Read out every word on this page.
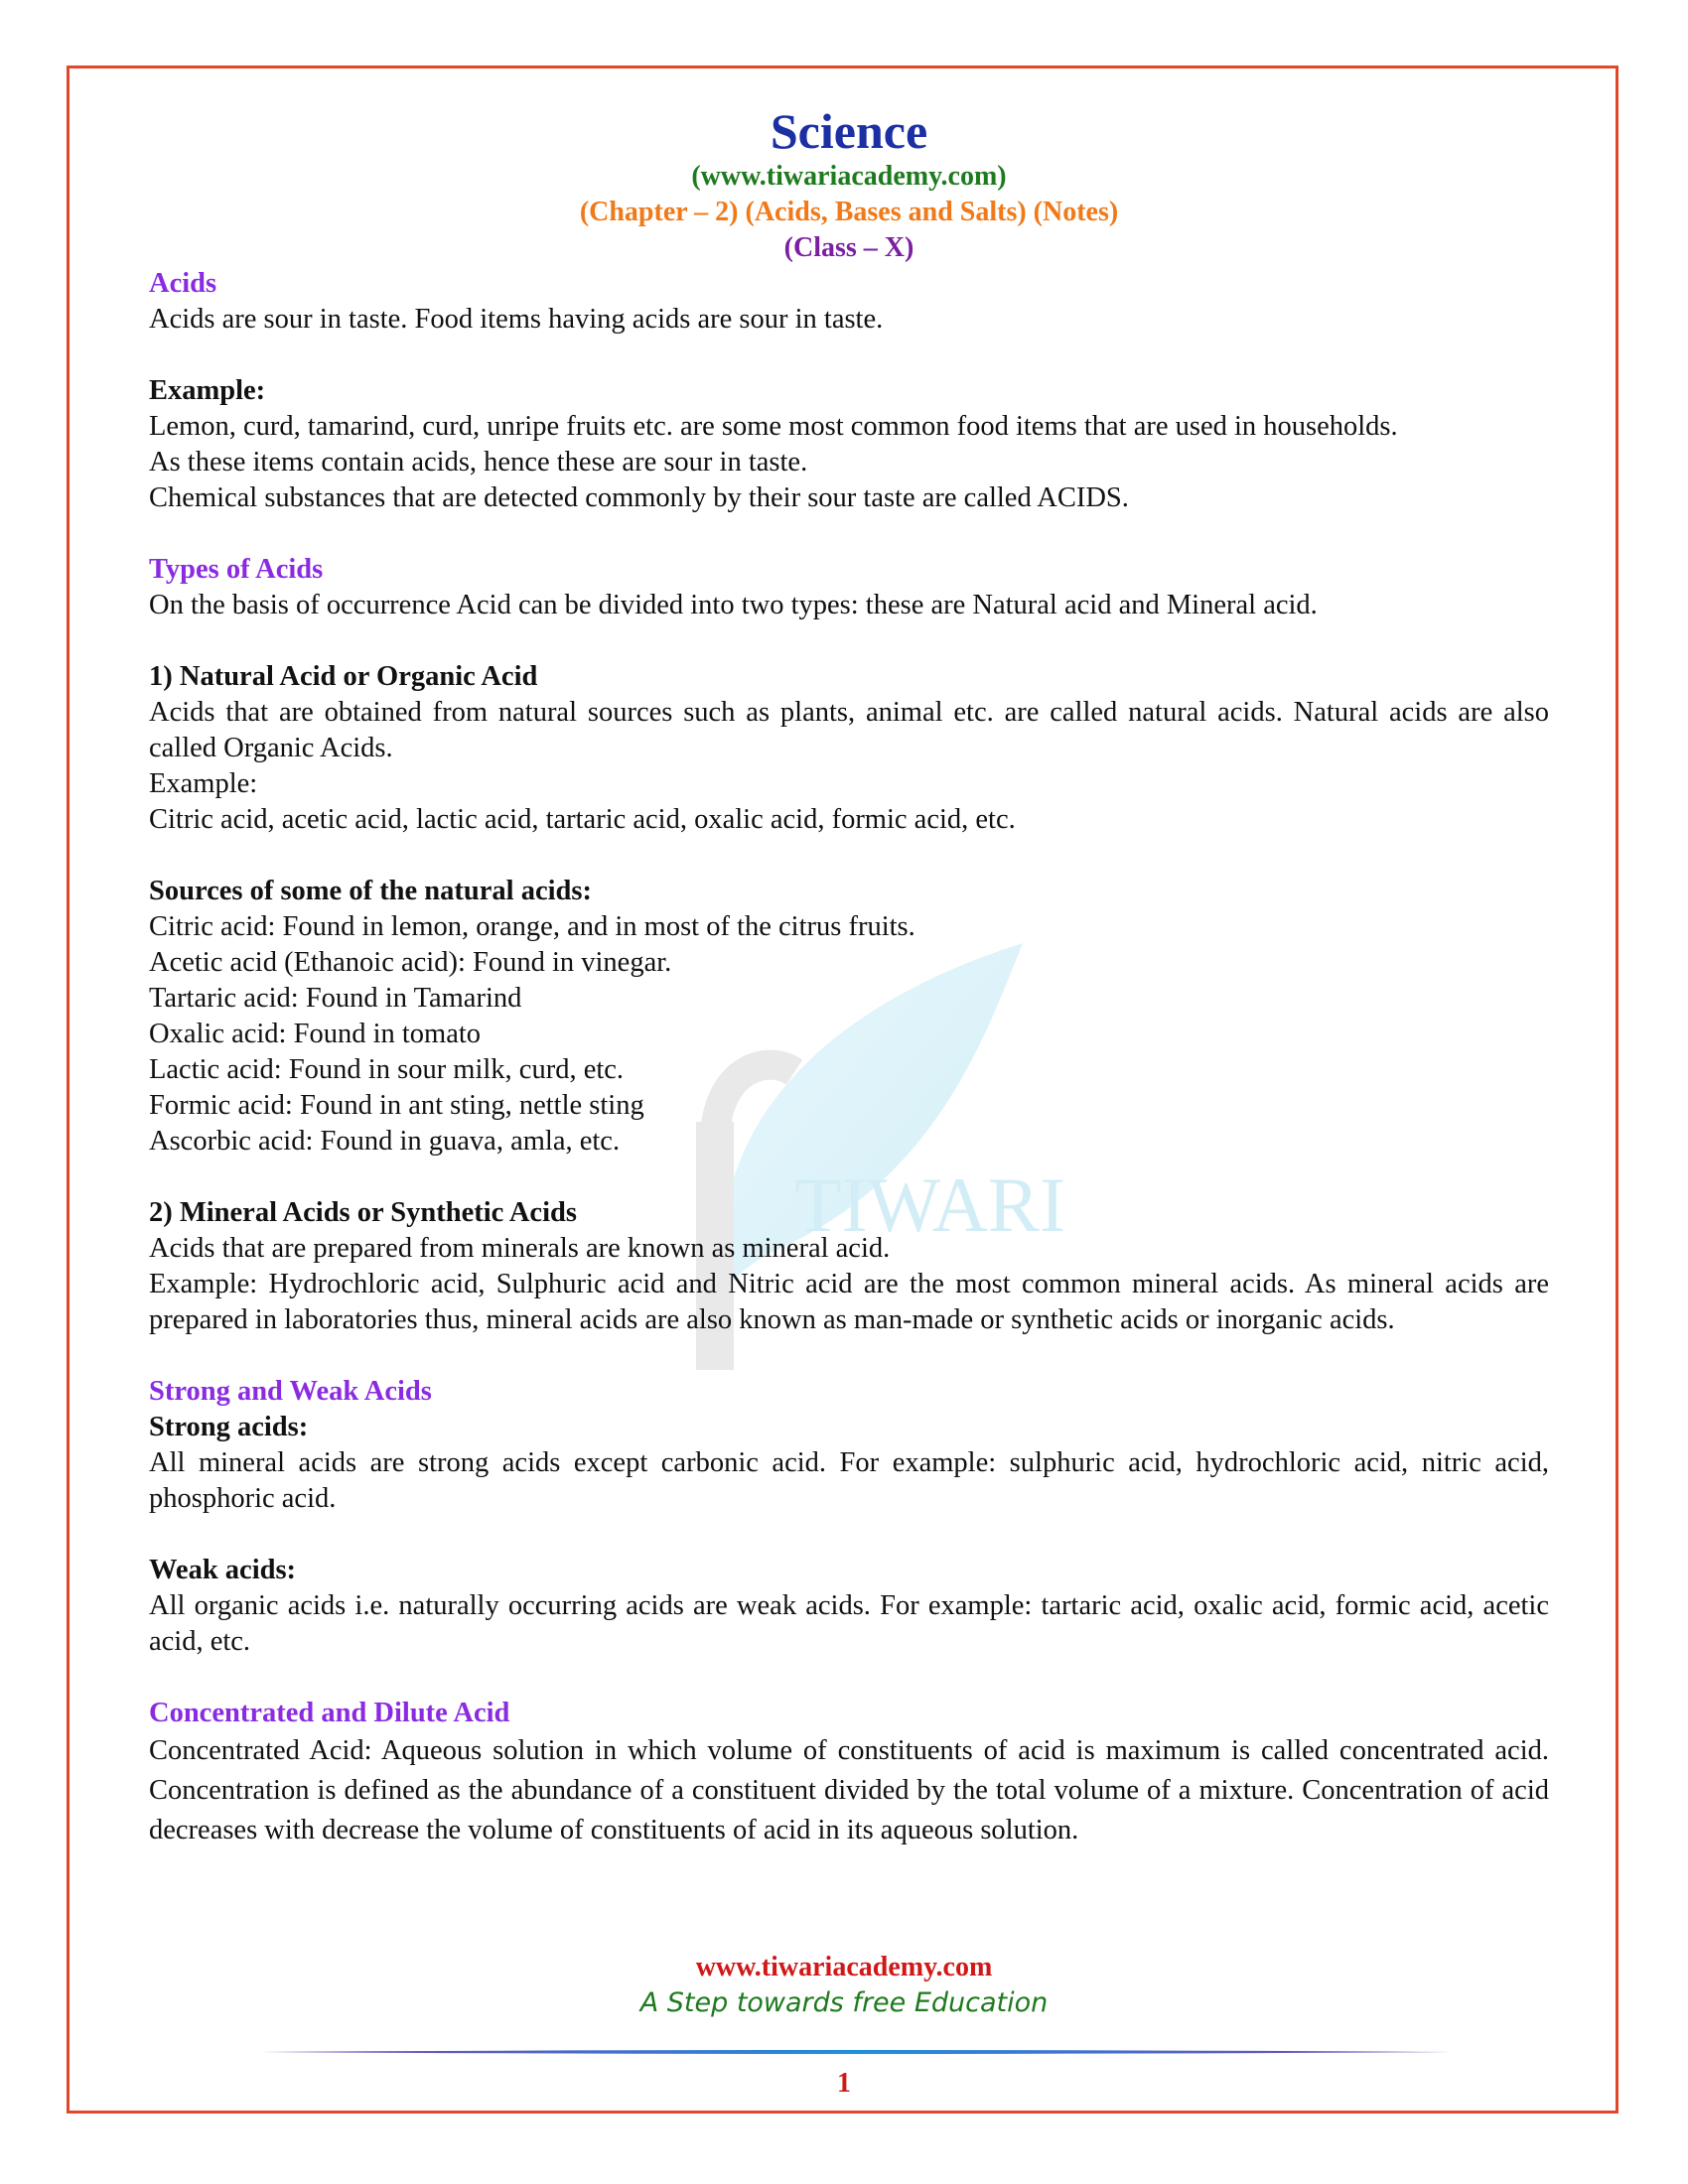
TIWARI
Science
(www.tiwariacademy.com)
(Chapter – 2) (Acids, Bases and Salts) (Notes)
(Class – X)

Acids

Acids are sour in taste. Food items having acids are sour in taste.

Example:

Lemon, curd, tamarind, curd, unripe fruits etc. are some most common food items that are used in households.

As these items contain acids, hence these are sour in taste.

Chemical substances that are detected commonly by their sour taste are called ACIDS.

Types of Acids

On the basis of occurrence Acid can be divided into two types: these are Natural acid and Mineral acid.

1) Natural Acid or Organic Acid

Acids that are obtained from natural sources such as plants, animal etc. are called natural acids. Natural acids are also called Organic Acids.

Example:

Citric acid, acetic acid, lactic acid, tartaric acid, oxalic acid, formic acid, etc.

Sources of some of the natural acids:

Citric acid: Found in lemon, orange, and in most of the citrus fruits.

Acetic acid (Ethanoic acid): Found in vinegar.

Tartaric acid: Found in Tamarind

Oxalic acid: Found in tomato

Lactic acid: Found in sour milk, curd, etc.

Formic acid: Found in ant sting, nettle sting

Ascorbic acid: Found in guava, amla, etc.

2) Mineral Acids or Synthetic Acids

Acids that are prepared from minerals are known as mineral acid.

Example: Hydrochloric acid, Sulphuric acid and Nitric acid are the most common mineral acids. As mineral acids are prepared in laboratories thus, mineral acids are also known as man-made or synthetic acids or inorganic acids.

Strong and Weak Acids

Strong acids:

All mineral acids are strong acids except carbonic acid. For example: sulphuric acid, hydrochloric acid, nitric acid, phosphoric acid.

Weak acids:

All organic acids i.e. naturally occurring acids are weak acids. For example: tartaric acid, oxalic acid, formic acid, acetic acid, etc.

Concentrated and Dilute Acid

Concentrated Acid: Aqueous solution in which volume of constituents of acid is maximum is called concentrated acid. Concentration is defined as the abundance of a constituent divided by the total volume of a mixture. Concentration of acid decreases with decrease the volume of constituents of acid in its aqueous solution.

www.tiwariacademy.com
A Step towards free Education
1
